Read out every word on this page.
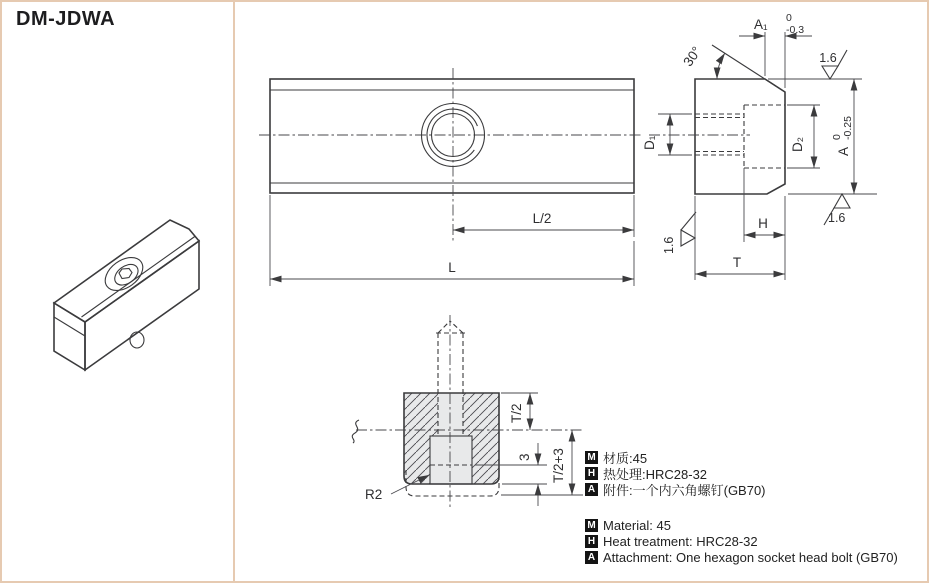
DM-JDWA
L/2
L
30°
A₁ 0
-0.3
D₁	D₂ A
0 -0.25
1.6
1.6
1.6
H
T
T/2
T/2+3
3
R2
M 材质:45
H 热处理:HRC28-32
A 附件:一个内六角螺钉(GB70)
M Material: 45
H Heat treatment: HRC28-32
A Attachment: One hexagon socket head bolt (GB70)
